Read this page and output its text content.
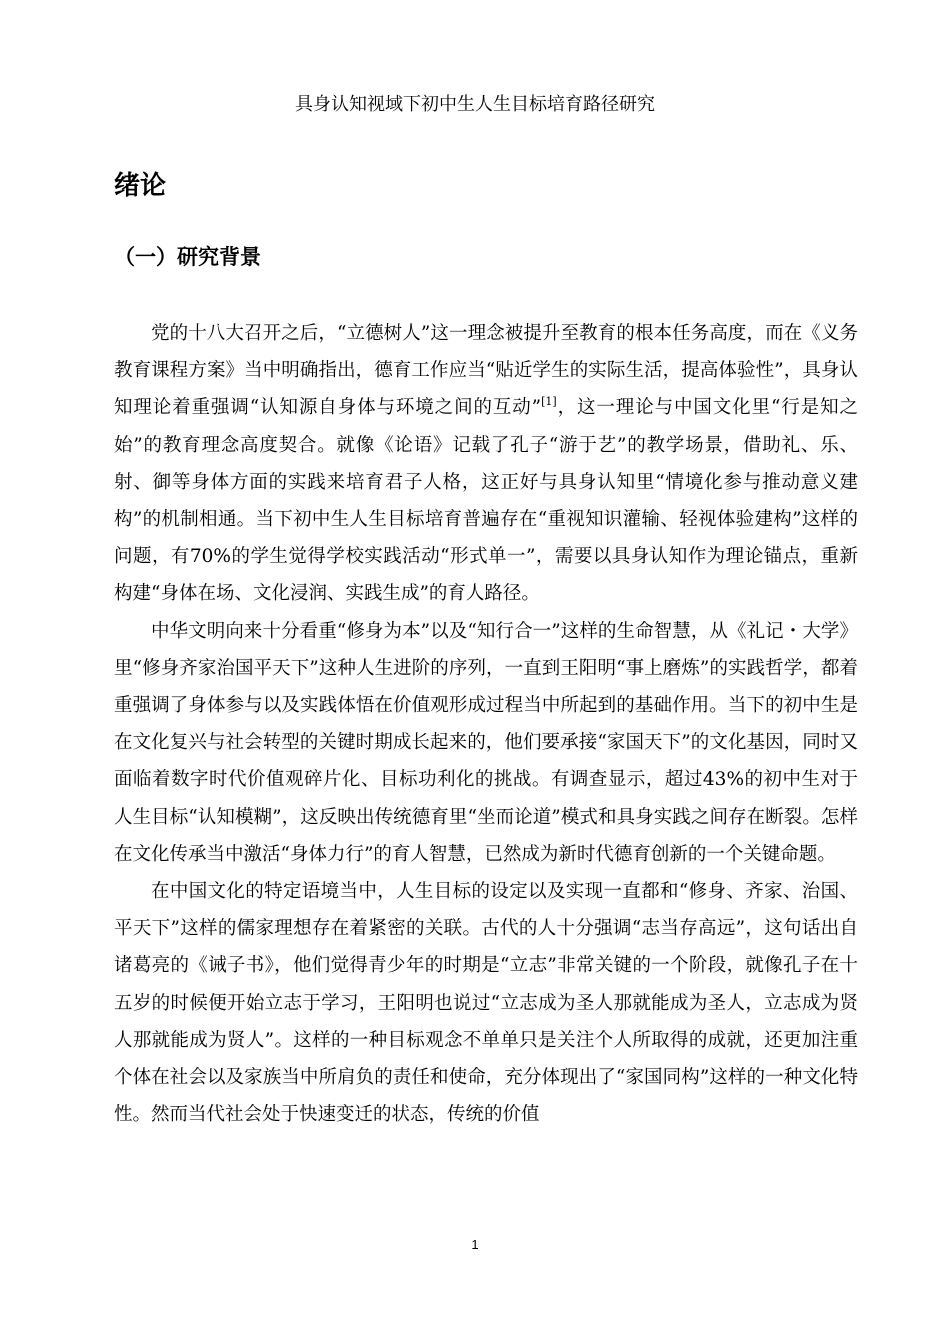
具身认知视域下初中生人生目标培育路径研究
绪论
（一）研究背景

党的十八大召开之后，“立德树人”这一理念被提升至教育的根本任务高度，而在《义务教育课程方案》当中明确指出，德育工作应当“贴近学生的实际生活，提高体验性”，具身认知理论着重强调“认知源自身体与环境之间的互动”[1]，这一理论与中国文化里“行是知之始”的教育理念高度契合。就像《论语》记载了孔子“游于艺”的教学场景，借助礼、乐、射、御等身体方面的实践来培育君子人格，这正好与具身认知里“情境化参与推动意义建构”的机制相通。当下初中生人生目标培育普遍存在“重视知识灌输、轻视体验建构”这样的问题，有70%的学生觉得学校实践活动“形式单一”，需要以具身认知作为理论锚点，重新构建“身体在场、文化浸润、实践生成”的育人路径。

中华文明向来十分看重“修身为本”以及“知行合一”这样的生命智慧，从《礼记・大学》里“修身齐家治国平天下”这种人生进阶的序列，一直到王阳明“事上磨炼”的实践哲学，都着重强调了身体参与以及实践体悟在价值观形成过程当中所起到的基础作用。当下的初中生是在文化复兴与社会转型的关键时期成长起来的，他们要承接“家国天下”的文化基因，同时又面临着数字时代价值观碎片化、目标功利化的挑战。有调查显示，超过43%的初中生对于人生目标“认知模糊”，这反映出传统德育里“坐而论道”模式和具身实践之间存在断裂。怎样在文化传承当中激活“身体力行”的育人智慧，已然成为新时代德育创新的一个关键命题。

在中国文化的特定语境当中，人生目标的设定以及实现一直都和“修身、齐家、治国、平天下”这样的儒家理想存在着紧密的关联。古代的人十分强调“志当存高远”，这句话出自诸葛亮的《诫子书》，他们觉得青少年的时期是“立志”非常关键的一个阶段，就像孔子在十五岁的时候便开始立志于学习，王阳明也说过“立志成为圣人那就能成为圣人，立志成为贤人那就能成为贤人”。这样的一种目标观念不单单只是关注个人所取得的成就，还更加注重个体在社会以及家族当中所肩负的责任和使命，充分体现出了“家国同构”这样的一种文化特性。然而当代社会处于快速变迁的状态，传统的价值

1
